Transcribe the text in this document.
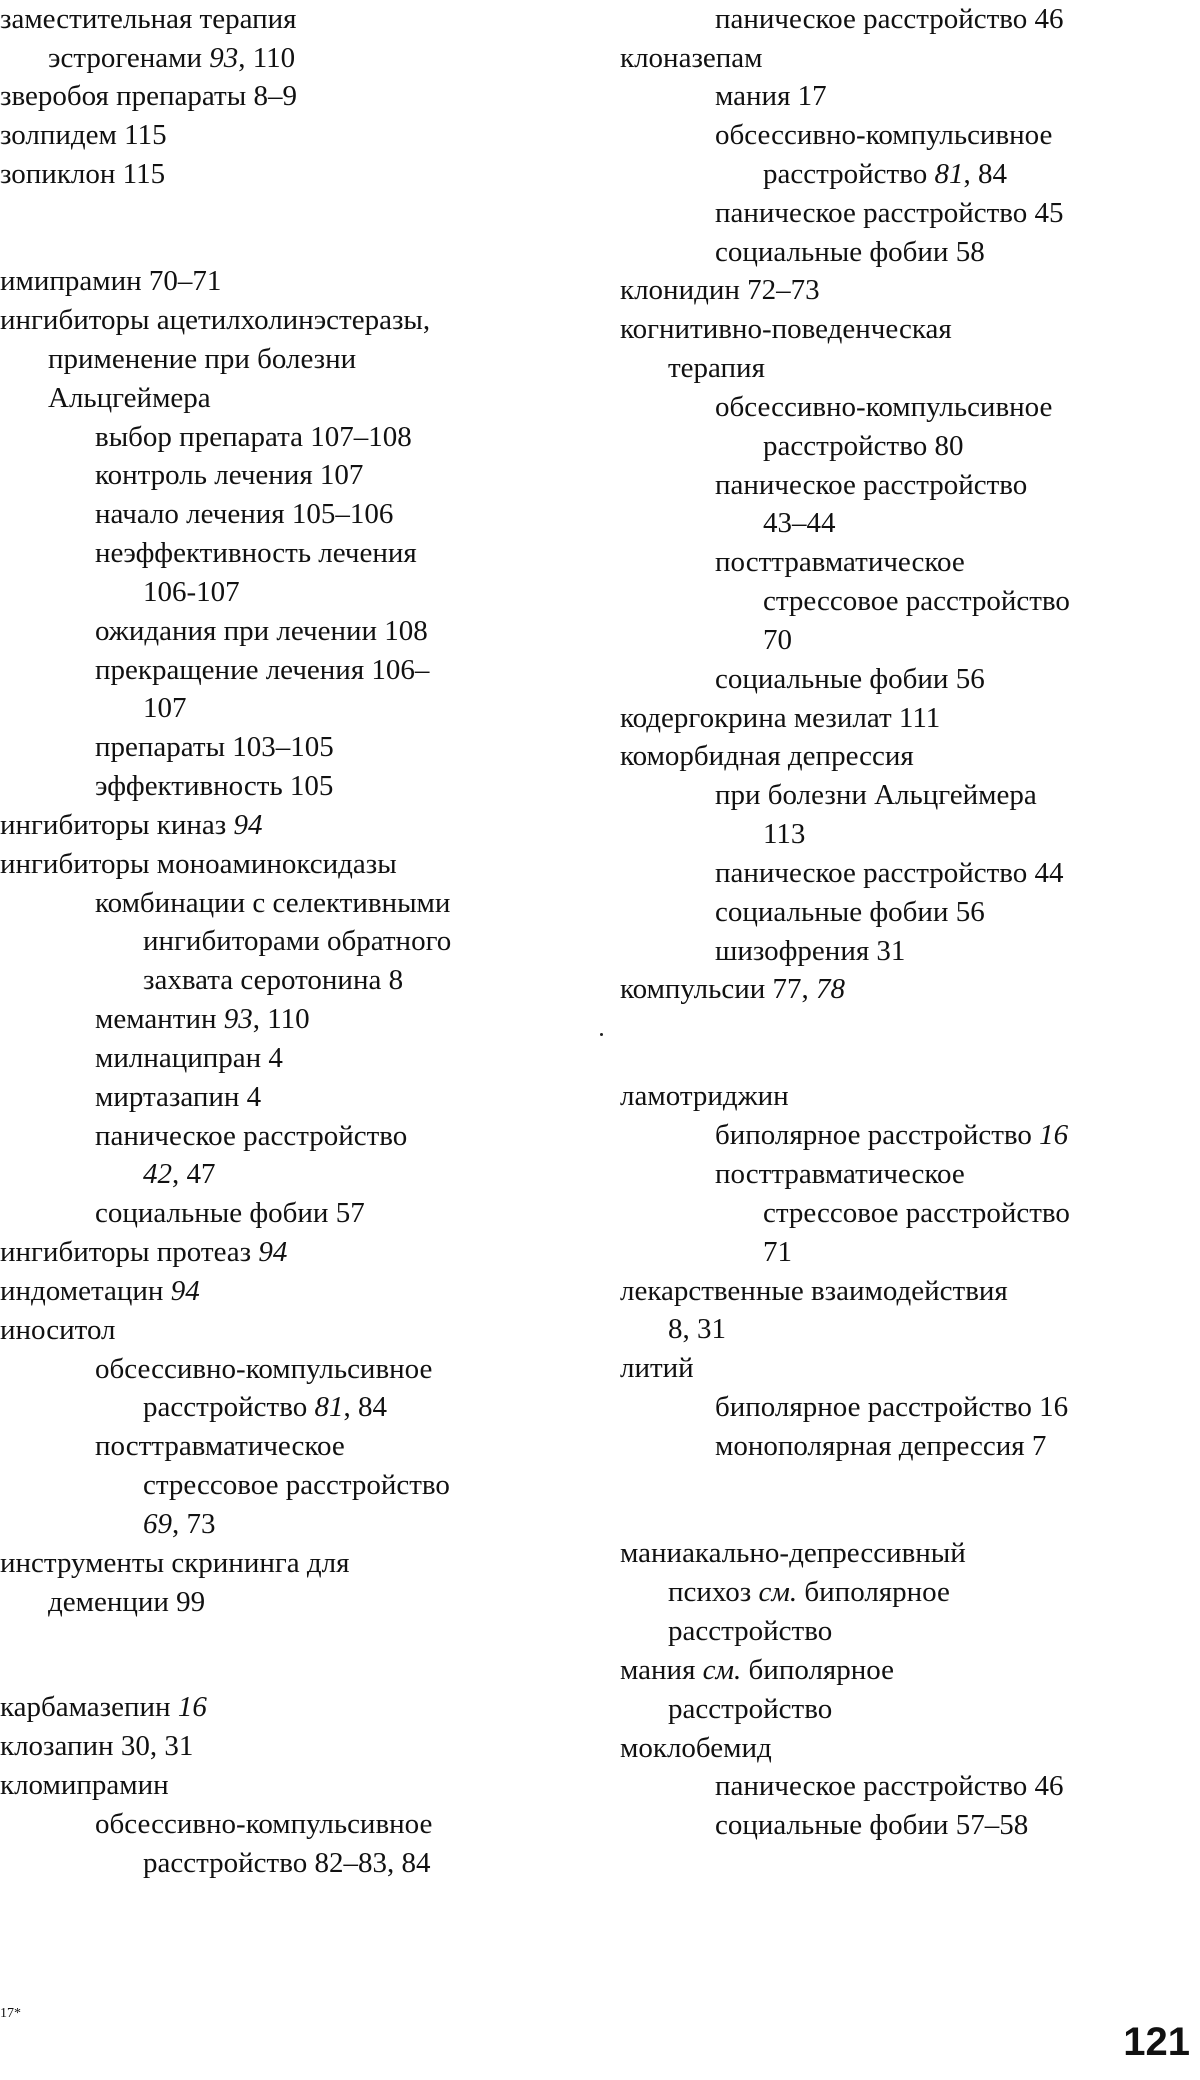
заместительная терапия
эстрогенами 93, 110
зверобоя препараты 8–9
золпидем 115
зопиклон 115
имипрамин 70–71
ингибиторы ацетилхолинэстеразы,
применение при болезни
Альцгеймера
выбор препарата 107–108
контроль лечения 107
начало лечения 105–106
неэффективность лечения
106-107
ожидания при лечении 108
прекращение лечения 106–
107
препараты 103–105
эффективность 105
ингибиторы киназ 94
ингибиторы моноаминоксидазы
комбинации с селективными
ингибиторами обратного
захвата серотонина 8
мемантин 93, 110
милнаципран 4
миртазапин 4
паническое расстройство
42, 47
социальные фобии 57
ингибиторы протеаз 94
индометацин 94
иноситол
обсессивно-компульсивное
расстройство 81, 84
посттравматическое
стрессовое расстройство
69, 73
инструменты скрининга для
деменции 99
карбамазепин 16
клозапин 30, 31
кломипрамин
обсессивно-компульсивное
расстройство 82–83, 84
паническое расстройство 46
клоназепам
мания 17
обсессивно-компульсивное
расстройство 81, 84
паническое расстройство 45
социальные фобии 58
клонидин 72–73
когнитивно-поведенческая
терапия
обсессивно-компульсивное
расстройство 80
паническое расстройство
43–44
посттравматическое
стрессовое расстройство
70
социальные фобии 56
кодергокрина мезилат 111
коморбидная депрессия
при болезни Альцгеймера
113
паническое расстройство 44
социальные фобии 56
шизофрения 31
компульсии 77, 78
ламотриджин
биполярное расстройство 16
посттравматическое
стрессовое расстройство
71
лекарственные взаимодействия
8, 31
литий
биполярное расстройство 16
монополярная депрессия 7
маниакально-депрессивный
психоз см. биполярное
расстройство
мания см. биполярное
расстройство
моклобемид
паническое расстройство 46
социальные фобии 57–58
17*
121
